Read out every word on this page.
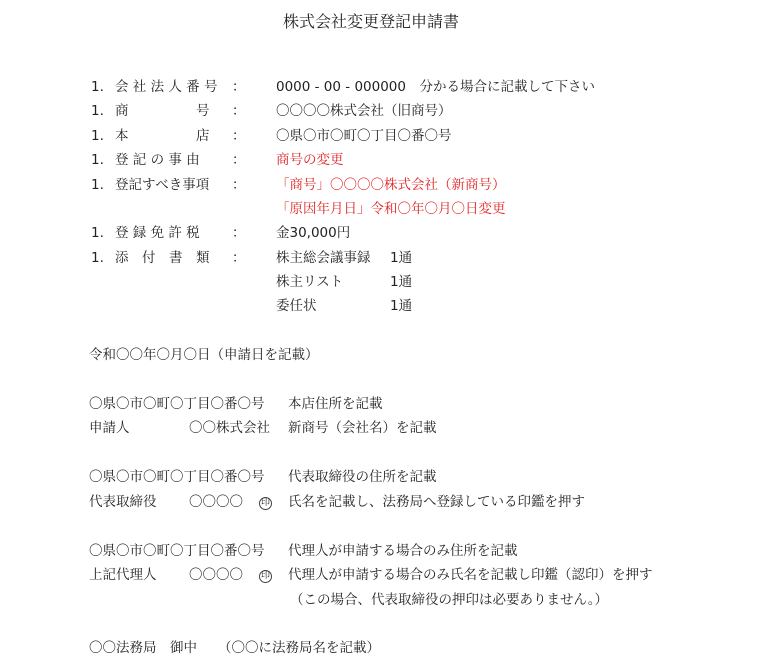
株式会社変更登記申請書
1. 会 社 法 人 番 号 ： 0000 - 00 - 000000　分かる場合に記載して下さい
1. 商　　　　　号 ： 〇〇〇〇株式会社（旧商号）
1. 本　　　　　店 ： 〇県〇市〇町〇丁目〇番〇号
1. 登 記 の 事 由 ： 商号の変更
1. 登記すべき事項 ： 「商号」〇〇〇〇株式会社（新商号）
「原因年月日」令和〇年〇月〇日変更
1. 登 録 免 許 税 ： 金30,000円
1. 添　付　書　類 ： 株主総会議事録 1通
株主リスト	1通
委任状	1通
令和〇〇年〇月〇日（申請日を記載）
〇県〇市〇町〇丁目〇番〇号 本店住所を記載
申請人	〇〇株式会社 新商号（会社名）を記載
〇県〇市〇町〇丁目〇番〇号 代表取締役の住所を記載
代表取締役 〇〇〇〇 印 氏名を記載し、法務局へ登録している印鑑を押す
〇県〇市〇町〇丁目〇番〇号 代理人が申請する場合のみ住所を記載
上記代理人 〇〇〇〇 印 代理人が申請する場合のみ氏名を記載し印鑑（認印）を押す
（この場合、代表取締役の押印は必要ありません。）
〇〇法務局　御中 （〇〇に法務局名を記載）
